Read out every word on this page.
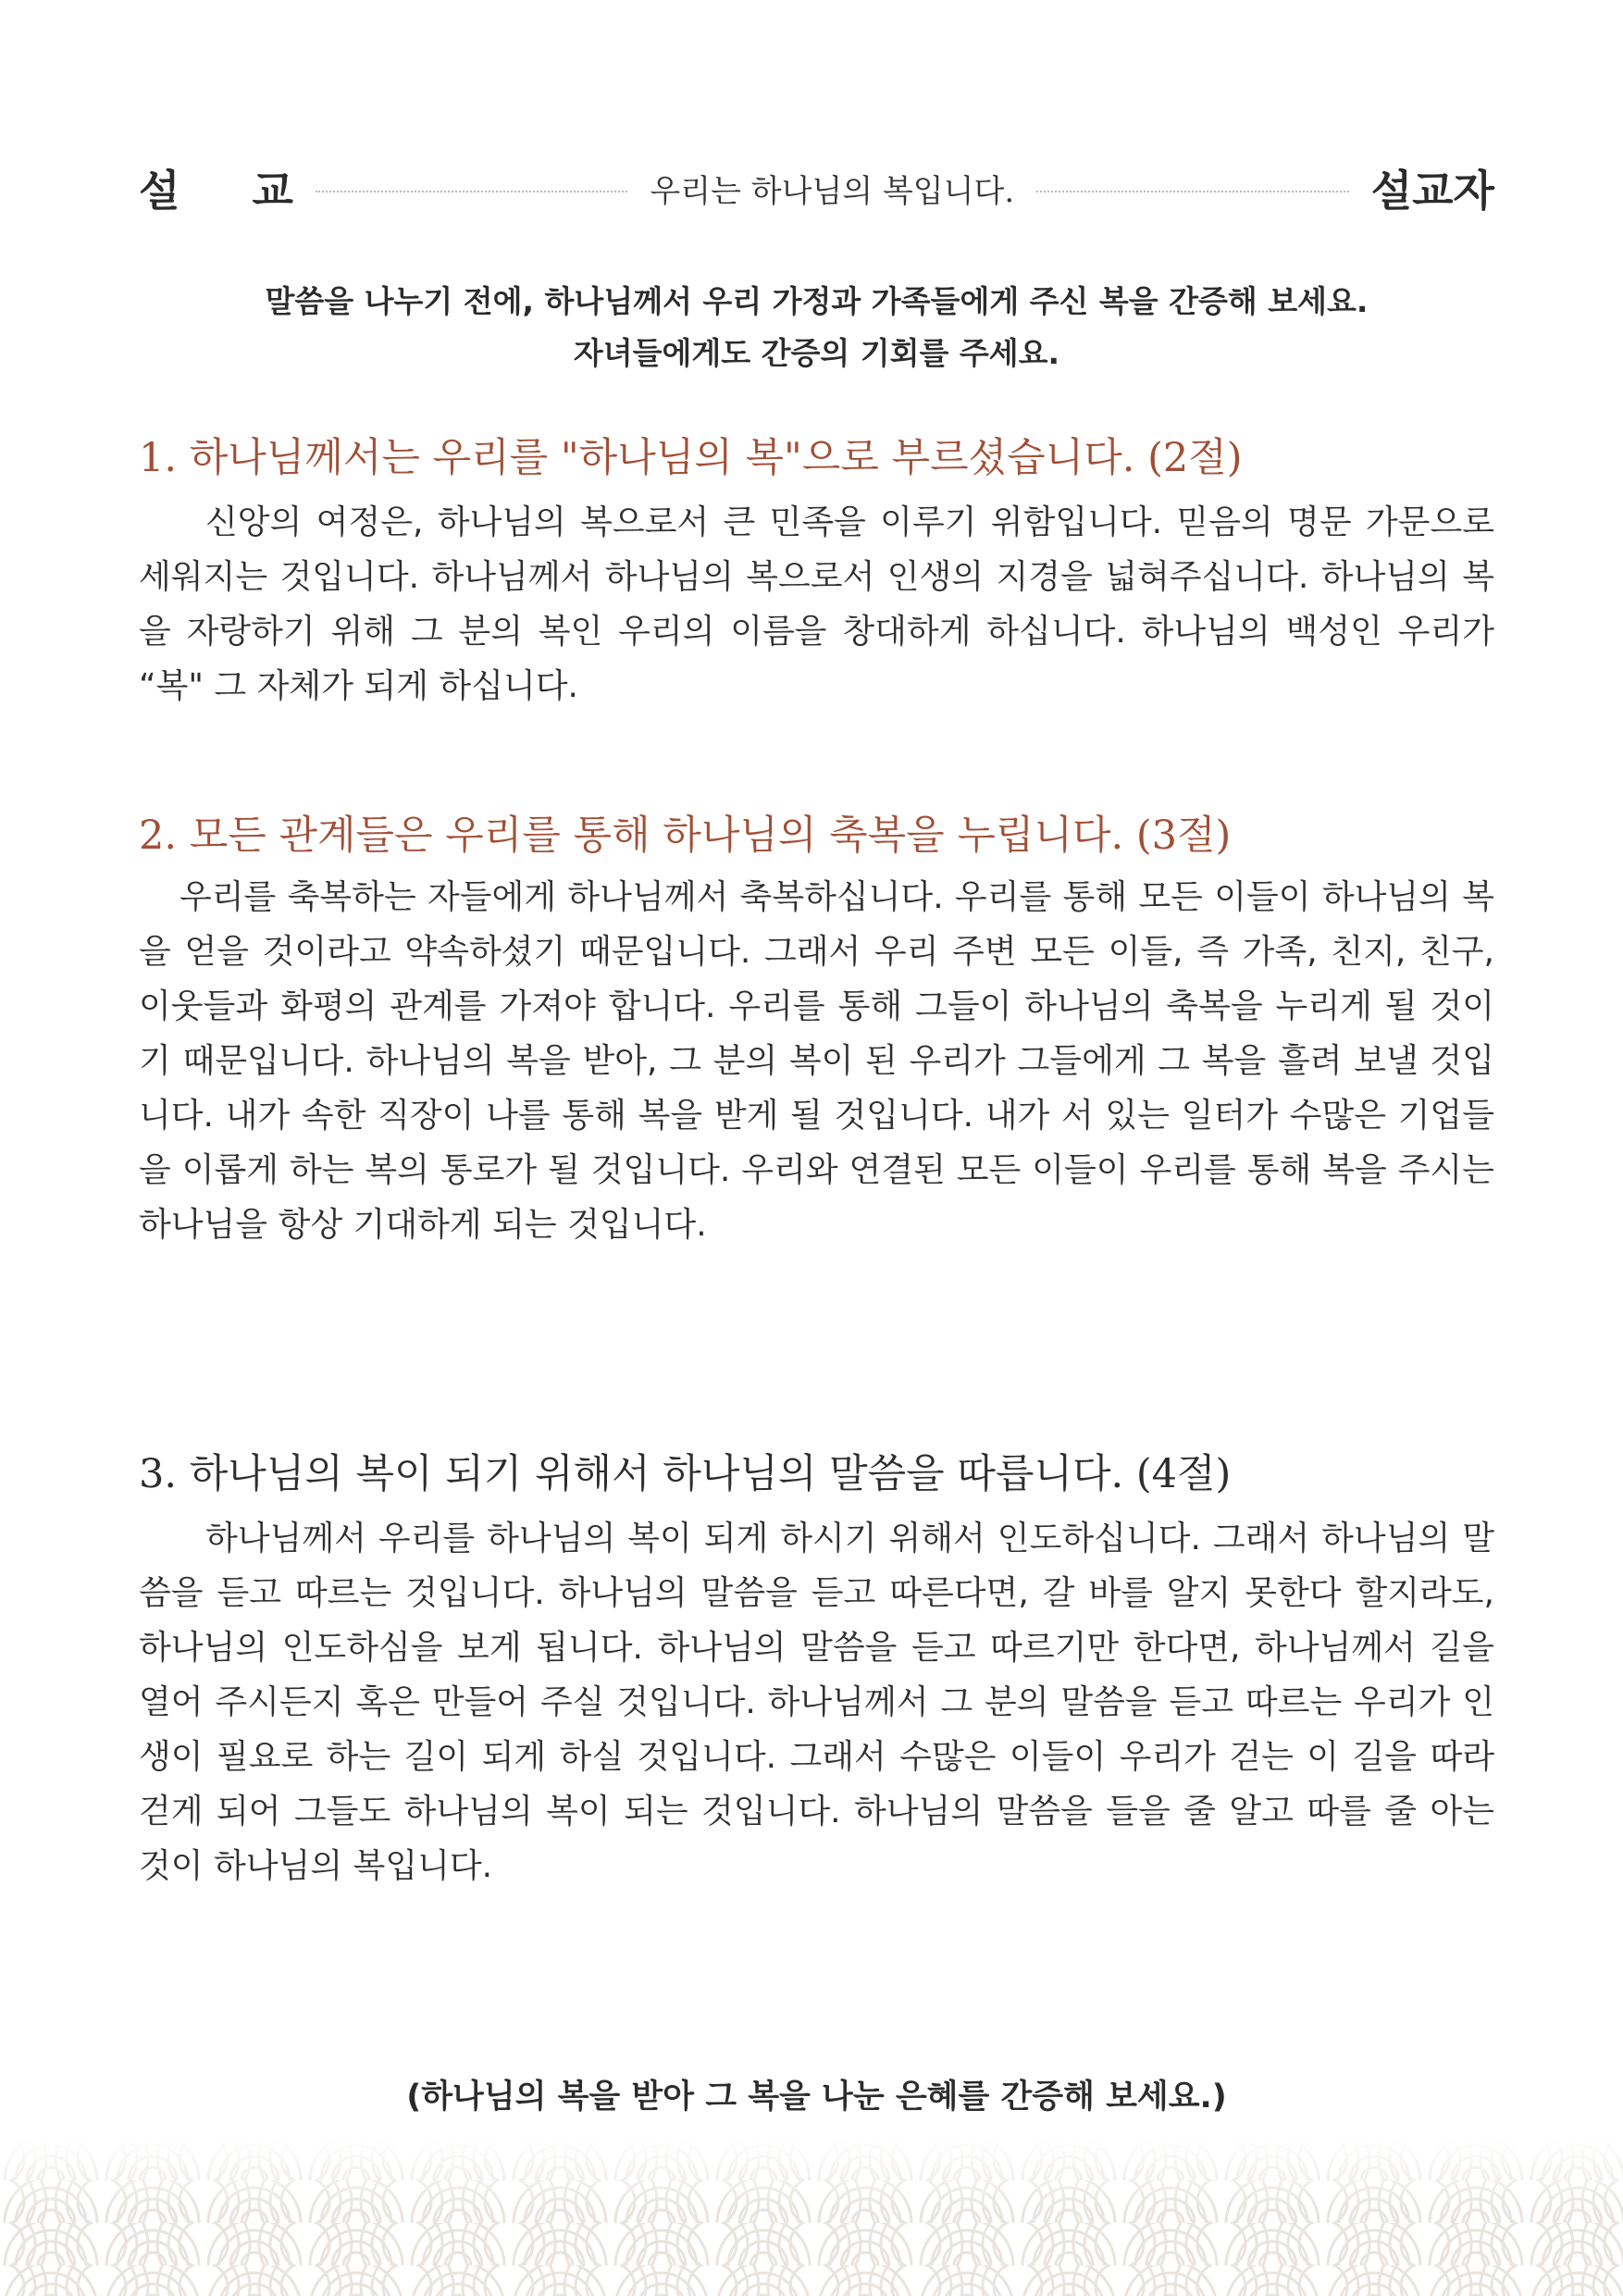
설 교	우리는 하나님의 복입니다.	설교자
말씀을 나누기 전에, 하나님께서 우리 가정과 가족들에게 주신 복을 간증해 보세요.
자녀들에게도 간증의 기회를 주세요.
1. 하나님께서는 우리를 "하나님의 복"으로 부르셨습니다. (2절)

신앙의 여정은, 하나님의 복으로서 큰 민족을 이루기 위함입니다. 믿음의 명문 가문으로 세워지는 것입니다. 하나님께서 하나님의 복으로서 인생의 지경을 넓혀주십니다. 하나님의 복을 자랑하기 위해 그 분의 복인 우리의 이름을 창대하게 하십니다. 하나님의 백성인 우리가 “복" 그 자체가 되게 하십니다.

2. 모든 관계들은 우리를 통해 하나님의 축복을 누립니다. (3절)

우리를 축복하는 자들에게 하나님께서 축복하십니다. 우리를 통해 모든 이들이 하나님의 복을 얻을 것이라고 약속하셨기 때문입니다. 그래서 우리 주변 모든 이들, 즉 가족, 친지, 친구, 이웃들과 화평의 관계를 가져야 합니다. 우리를 통해 그들이 하나님의 축복을 누리게 될 것이기 때문입니다. 하나님의 복을 받아, 그 분의 복이 된 우리가 그들에게 그 복을 흘려 보낼 것입니다. 내가 속한 직장이 나를 통해 복을 받게 될 것입니다. 내가 서 있는 일터가 수많은 기업들을 이롭게 하는 복의 통로가 될 것입니다. 우리와 연결된 모든 이들이 우리를 통해 복을 주시는 하나님을 항상 기대하게 되는 것입니다.

3. 하나님의 복이 되기 위해서 하나님의 말씀을 따릅니다. (4절)

하나님께서 우리를 하나님의 복이 되게 하시기 위해서 인도하십니다. 그래서 하나님의 말씀을 듣고 따르는 것입니다. 하나님의 말씀을 듣고 따른다면, 갈 바를 알지 못한다 할지라도, 하나님의 인도하심을 보게 됩니다. 하나님의 말씀을 듣고 따르기만 한다면, 하나님께서 길을 열어 주시든지 혹은 만들어 주실 것입니다. 하나님께서 그 분의 말씀을 듣고 따르는 우리가 인생이 필요로 하는 길이 되게 하실 것입니다. 그래서 수많은 이들이 우리가 걷는 이 길을 따라 걷게 되어 그들도 하나님의 복이 되는 것입니다. 하나님의 말씀을 들을 줄 알고 따를 줄 아는 것이 하나님의 복입니다.

(하나님의 복을 받아 그 복을 나눈 은혜를 간증해 보세요.)
